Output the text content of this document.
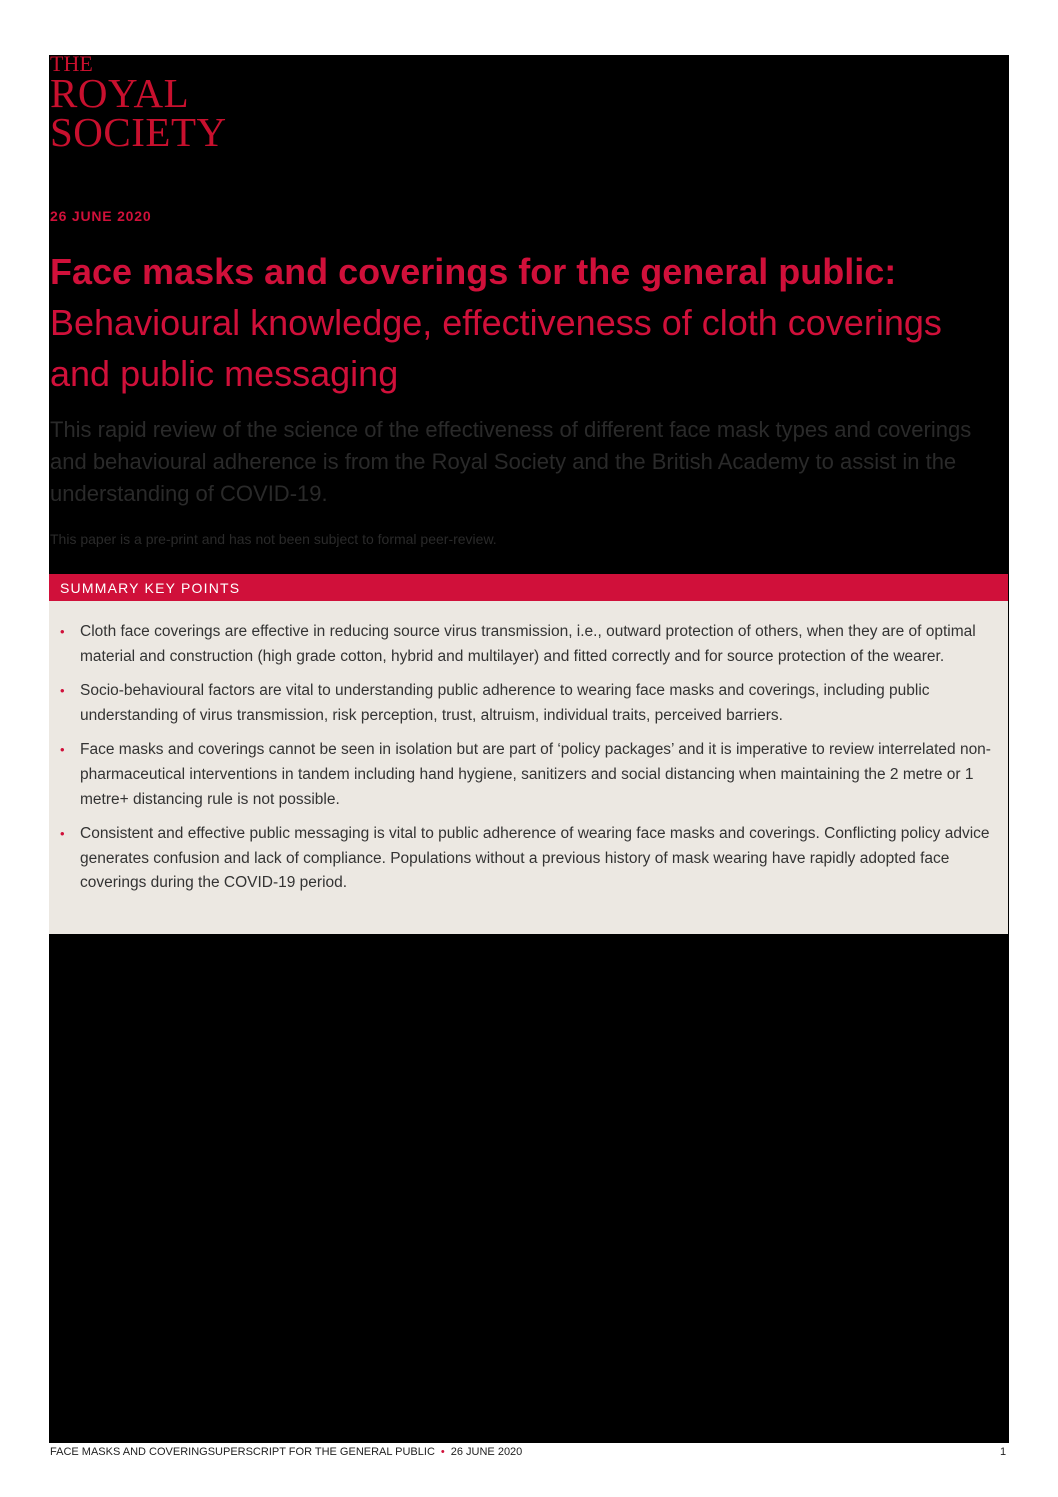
THE
ROYAL
SOCIETY
26 JUNE 2020
Face masks and coverings for the general public:
Behavioural knowledge, effectiveness of cloth coverings and public messaging

This rapid review of the science of the effectiveness of different face mask types and coverings and behavioural adherence is from the Royal Society and the British Academy to assist in the understanding of COVID-19.

This paper is a pre-print and has not been subject to formal peer-review.
SUMMARY KEY POINTS
• Cloth face coverings are effective in reducing source virus transmission, i.e., outward protection of others, when they are of optimal material and construction (high grade cotton, hybrid and multilayer) and fitted correctly and for source protection of the wearer.
• Socio-behavioural factors are vital to understanding public adherence to wearing face masks and coverings, including public understanding of virus transmission, risk perception, trust, altruism, individual traits, perceived barriers.
• Face masks and coverings cannot be seen in isolation but are part of ‘policy packages’ and it is imperative to review interrelated non-pharmaceutical interventions in tandem including hand hygiene, sanitizers and social distancing when maintaining the 2 metre or 1 metre+ distancing rule is not possible.
• Consistent and effective public messaging is vital to public adherence of wearing face masks and coverings. Conflicting policy advice generates confusion and lack of compliance. Populations without a previous history of mask wearing have rapidly adopted face coverings during the COVID-19 period.
FACE MASKS AND COVERINGSUPERSCRIPT FOR THE GENERAL PUBLIC • 26 JUNE 2020	1
